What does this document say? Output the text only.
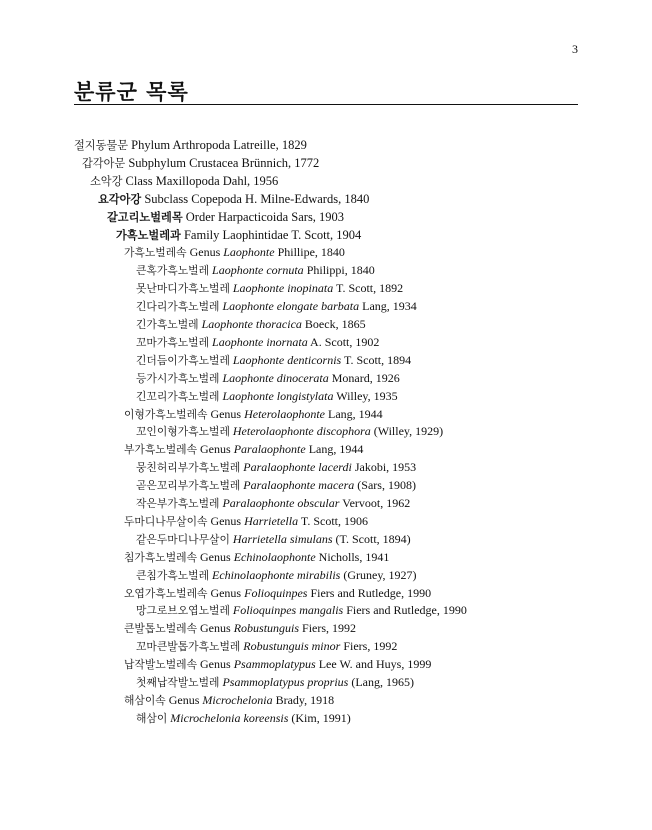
3
분류군 목록
절지동물문 Phylum Arthropoda Latreille, 1829
갑각아문 Subphylum Crustacea Brünnich, 1772
소악강 Class Maxillopoda Dahl, 1956
요각아강 Subclass Copepoda H. Milne-Edwards, 1840
갈고리노벌레목 Order Harpacticoida Sars, 1903
가흑노벌레과 Family Laophintidae T. Scott, 1904
가흑노벌레속 Genus Laophonte Phillipe, 1840
큰혹가흑노벌레 Laophonte cornuta Philippi, 1840
못난마디가흑노벌레 Laophonte inopinata T. Scott, 1892
긴다리가흑노벌레 Laophonte elongate barbata Lang, 1934
긴가흑노벌레 Laophonte thoracica Boeck, 1865
꼬마가흑노벌레 Laophonte inornata A. Scott, 1902
긴더듬이가흑노벌레 Laophonte denticornis T. Scott, 1894
등가시가흑노벌레 Laophonte dinocerata Monard, 1926
긴꼬리가흑노벌레 Laophonte longistylata Willey, 1935
이형가흑노벌레속 Genus Heterolaophonte Lang, 1944
꼬인이형가흑노벌레 Heterolaophonte discophora (Willey, 1929)
부가흑노벌레속 Genus Paralaophonte Lang, 1944
뭉친허리부가흑노벌레 Paralaophonte lacerdi Jakobi, 1953
곧은꼬리부가흑노벌레 Paralaophonte macera (Sars, 1908)
작은부가흑노벌레 Paralaophonte obscular Vervoot, 1962
두마디나무살이속 Genus Harrietella T. Scott, 1906
같은두마디나무살이 Harrietella simulans (T. Scott, 1894)
침가흑노벌레속 Genus Echinolaophonte Nicholls, 1941
큰침가흑노벌레 Echinolaophonte mirabilis (Gruney, 1927)
오엽가흑노벌레속 Genus Folioquinpes Fiers and Rutledge, 1990
망그로브오엽노벌레 Folioquinpes mangalis Fiers and Rutledge, 1990
큰발톱노벌레속 Genus Robustunguis Fiers, 1992
꼬마큰발톱가흑노벌레 Robustunguis minor Fiers, 1992
납작발노벌레속 Genus Psammoplatypus Lee W. and Huys, 1999
첫째납작발노벌레 Psammoplatypus proprius (Lang, 1965)
해삼이속 Genus Microchelonia Brady, 1918
해삼이 Microchelonia koreensis (Kim, 1991)
